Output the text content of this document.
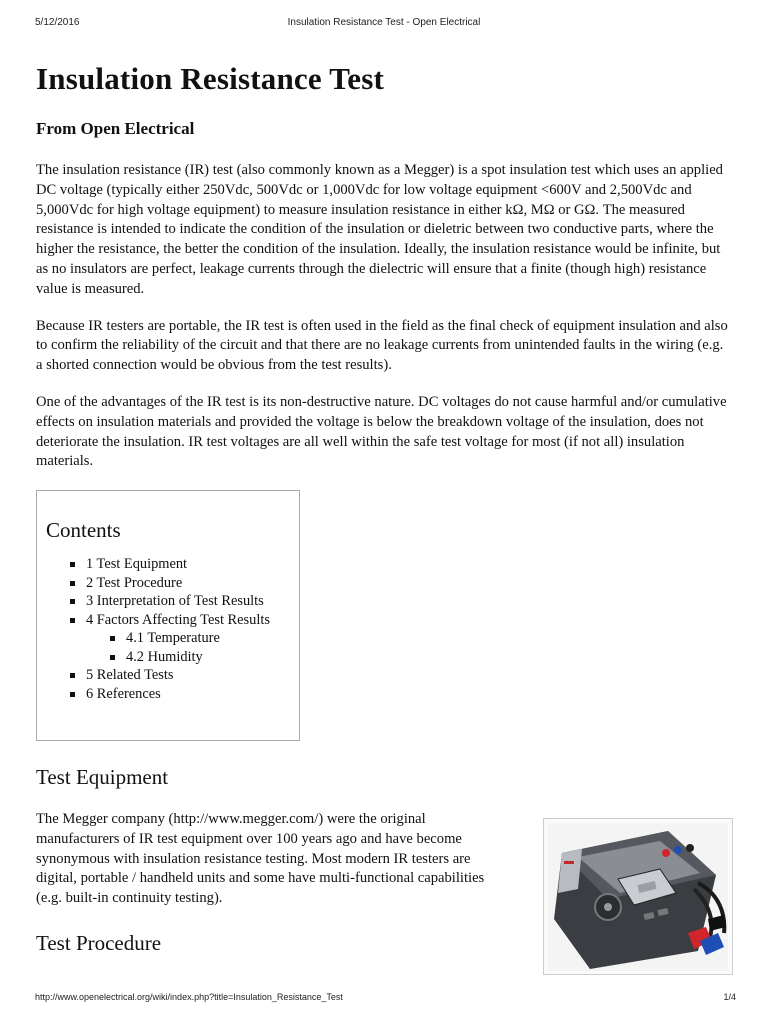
5/12/2016	Insulation Resistance Test - Open Electrical
Insulation Resistance Test
From Open Electrical

The insulation resistance (IR) test (also commonly known as a Megger) is a spot insulation test which uses an applied DC voltage (typically either 250Vdc, 500Vdc or 1,000Vdc for low voltage equipment <600V and 2,500Vdc and 5,000Vdc for high voltage equipment) to measure insulation resistance in either kΩ, MΩ or GΩ. The measured resistance is intended to indicate the condition of the insulation or dieletric between two conductive parts, where the higher the resistance, the better the condition of the insulation. Ideally, the insulation resistance would be infinite, but as no insulators are perfect, leakage currents through the dielectric will ensure that a finite (though high) resistance value is measured.

Because IR testers are portable, the IR test is often used in the field as the final check of equipment insulation and also to confirm the reliability of the circuit and that there are no leakage currents from unintended faults in the wiring (e.g. a shorted connection would be obvious from the test results).

One of the advantages of the IR test is its non-destructive nature. DC voltages do not cause harmful and/or cumulative effects on insulation materials and provided the voltage is below the breakdown voltage of the insulation, does not deteriorate the insulation. IR test voltages are all well within the safe test voltage for most (if not all) insulation materials.

Contents
1 Test Equipment
2 Test Procedure
3 Interpretation of Test Results
4 Factors Affecting Test Results
4.1 Temperature
4.2 Humidity
5 Related Tests
6 References
Test Equipment

The Megger company (http://www.megger.com/) were the original manufacturers of IR test equipment over 100 years ago and have become synonymous with insulation resistance testing. Most modern IR testers are digital, portable / handheld units and some have multi-functional capabilities (e.g. built-in continuity testing).

Test Procedure
http://www.openelectrical.org/wiki/index.php?title=Insulation_Resistance_Test	1/4
